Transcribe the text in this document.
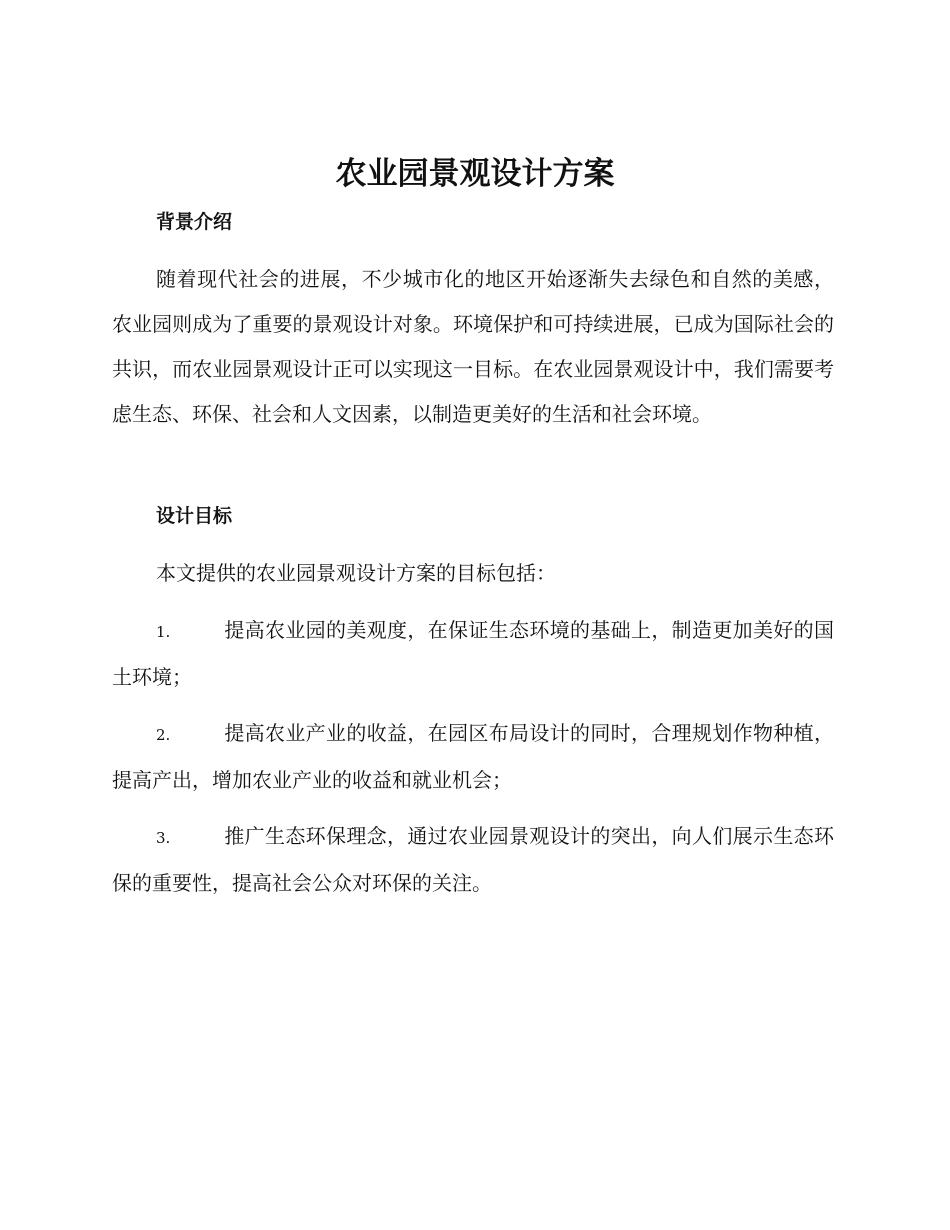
农业园景观设计方案
背景介绍

随着现代社会的进展，不少城市化的地区开始逐渐失去绿色和自然的美感，农业园则成为了重要的景观设计对象。环境保护和可持续进展，已成为国际社会的共识，而农业园景观设计正可以实现这一目标。在农业园景观设计中，我们需要考虑生态、环保、社会和人文因素，以制造更美好的生活和社会环境。

设计目标

本文提供的农业园景观设计方案的目标包括：

1.	提高农业园的美观度，在保证生态环境的基础上，制造更加美好的国土环境；

2.	提高农业产业的收益，在园区布局设计的同时，合理规划作物种植，提高产出，增加农业产业的收益和就业机会；

3.	推广生态环保理念，通过农业园景观设计的突出，向人们展示生态环保的重要性，提高社会公众对环保的关注。
